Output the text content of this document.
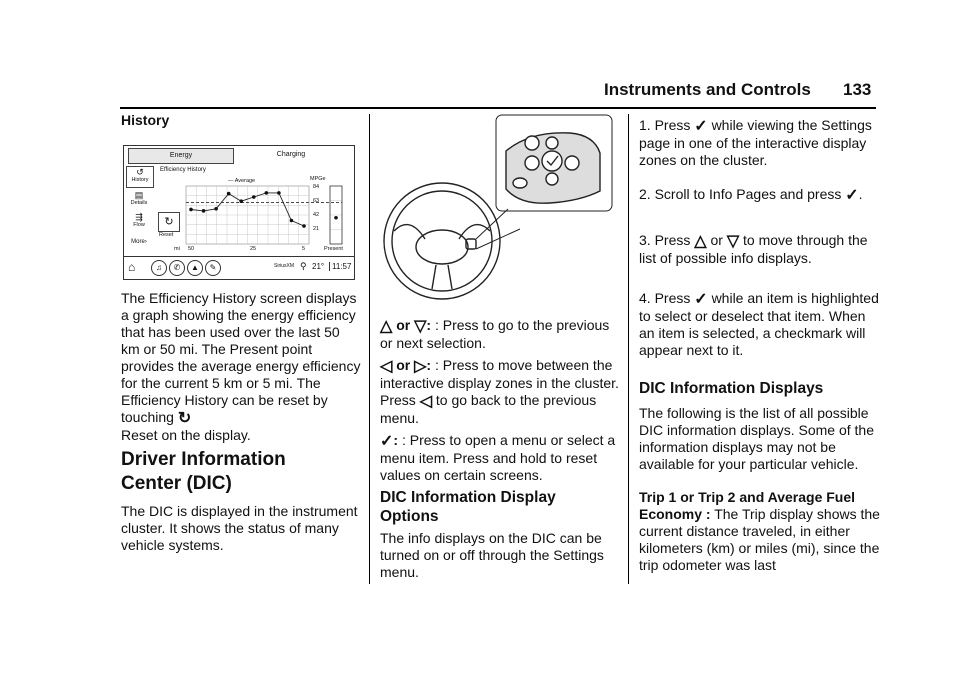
Instruments and Controls 133
History
Energy	Charging
↺
History
▤
Details
⇶
Flow
More›
↻
Reset
Efficiency History
— Average	MPGe
84
63
42
21
mi 50	25	5	Present
⌂	♫	✆	▲	✎	SiriusXM ⚲ 21° 11:57
The Efficiency History screen displays a graph showing the energy efficiency that has been used over the last 50 km or 50 mi. The Present point provides the average energy efficiency for the current 5 km or 5 mi. The Efficiency History can be reset by touching ↻
Reset on the display.
Driver Information
Center (DIC)
The DIC is displayed in the instrument cluster. It shows the status of many vehicle systems.
△ or ▽: : Press to go to the previous or next selection.
◁ or ▷: : Press to move between the interactive display zones in the cluster. Press ◁ to go back to the previous menu.
✓: : Press to open a menu or select a menu item. Press and hold to reset values on certain screens.
DIC Information Display
Options
The info displays on the DIC can be turned on or off through the Settings menu.
1. Press ✓ while viewing the Settings page in one of the interactive display zones on the cluster.
2. Scroll to Info Pages and press ✓.
3. Press △ or ▽ to move through the list of possible info displays.
4. Press ✓ while an item is highlighted to select or deselect that item. When an item is selected, a checkmark will appear next to it.
DIC Information Displays
The following is the list of all possible DIC information displays. Some of the information displays may not be available for your particular vehicle.
Trip 1 or Trip 2 and Average Fuel Economy : The Trip display shows the current distance traveled, in either kilometers (km) or miles (mi), since the trip odometer was last
